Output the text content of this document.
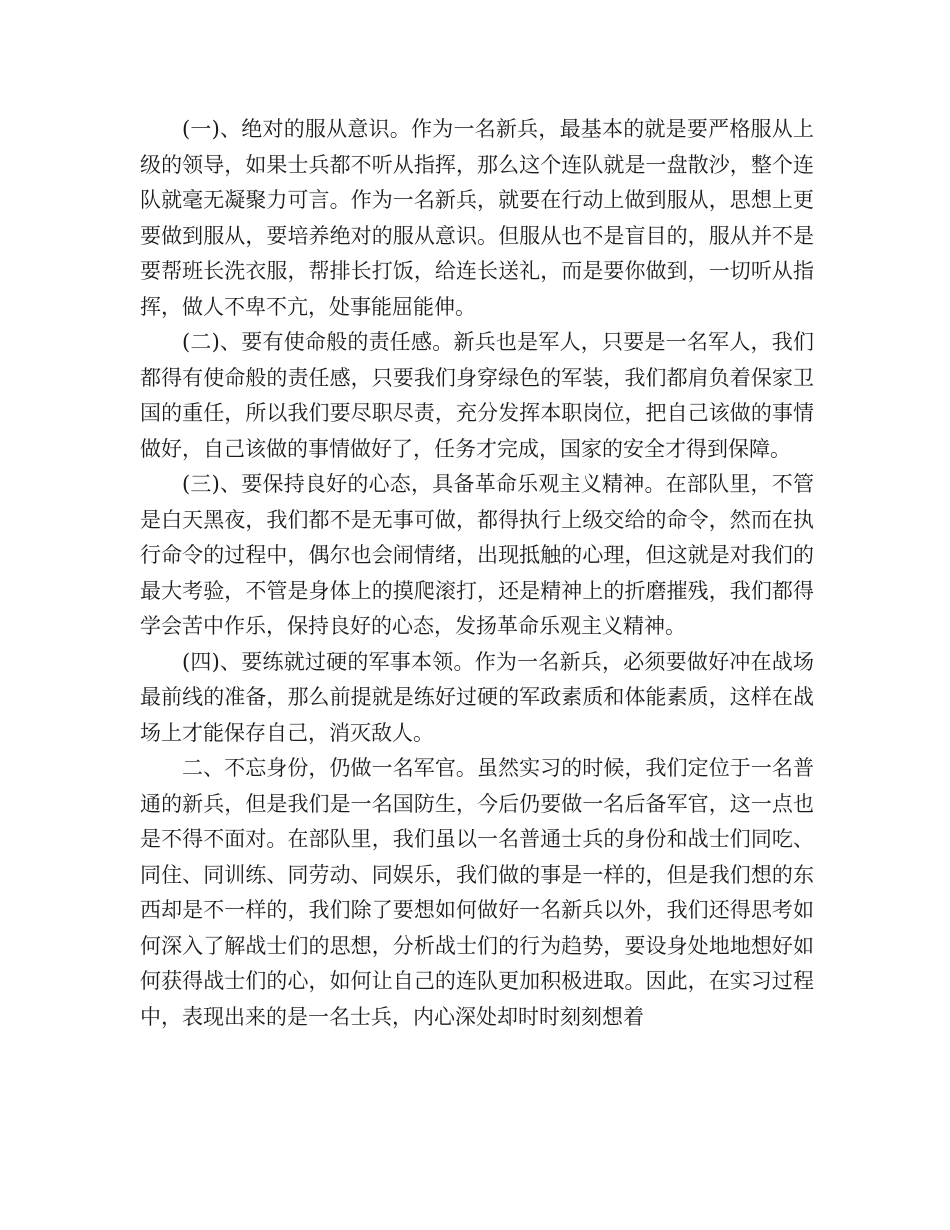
(一)、绝对的服从意识。作为一名新兵，最基本的就是要严格服从上级的领导，如果士兵都不听从指挥，那么这个连队就是一盘散沙，整个连队就毫无凝聚力可言。作为一名新兵，就要在行动上做到服从，思想上更要做到服从，要培养绝对的服从意识。但服从也不是盲目的，服从并不是要帮班长洗衣服，帮排长打饭，给连长送礼，而是要你做到，一切听从指挥，做人不卑不亢，处事能屈能伸。

(二)、要有使命般的责任感。新兵也是军人，只要是一名军人，我们都得有使命般的责任感，只要我们身穿绿色的军装，我们都肩负着保家卫国的重任，所以我们要尽职尽责，充分发挥本职岗位，把自己该做的事情做好，自己该做的事情做好了，任务才完成，国家的安全才得到保障。

(三)、要保持良好的心态，具备革命乐观主义精神。在部队里，不管是白天黑夜，我们都不是无事可做，都得执行上级交给的命令，然而在执行命令的过程中，偶尔也会闹情绪，出现抵触的心理，但这就是对我们的最大考验，不管是身体上的摸爬滚打，还是精神上的折磨摧残，我们都得学会苦中作乐，保持良好的心态，发扬革命乐观主义精神。

(四)、要练就过硬的军事本领。作为一名新兵，必须要做好冲在战场最前线的准备，那么前提就是练好过硬的军政素质和体能素质，这样在战场上才能保存自己，消灭敌人。

二、不忘身份，仍做一名军官。虽然实习的时候，我们定位于一名普通的新兵，但是我们是一名国防生，今后仍要做一名后备军官，这一点也是不得不面对。在部队里，我们虽以一名普通士兵的身份和战士们同吃、同住、同训练、同劳动、同娱乐，我们做的事是一样的，但是我们想的东西却是不一样的，我们除了要想如何做好一名新兵以外，我们还得思考如何深入了解战士们的思想，分析战士们的行为趋势，要设身处地地想好如何获得战士们的心，如何让自己的连队更加积极进取。因此，在实习过程中，表现出来的是一名士兵，内心深处却时时刻刻想着
